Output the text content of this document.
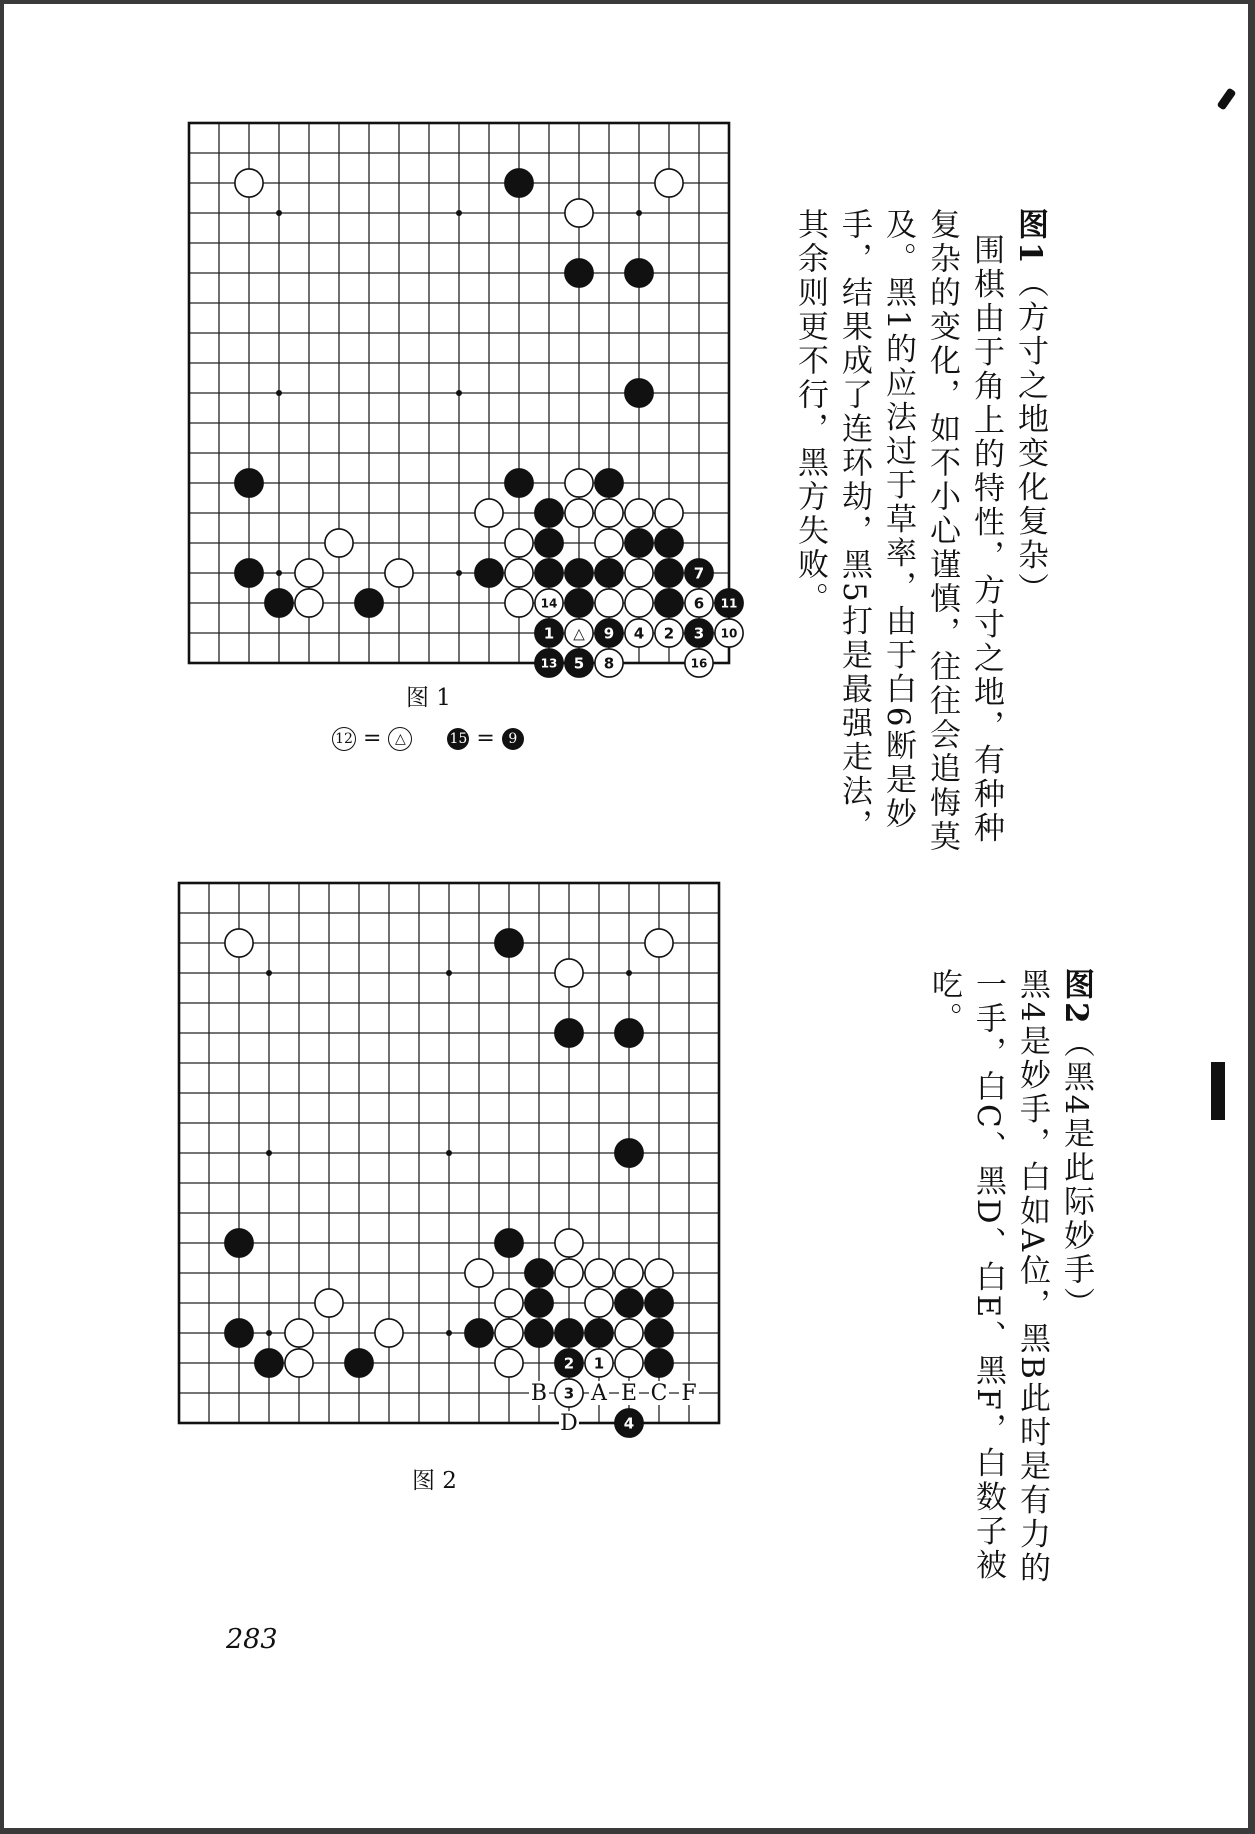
7
14	6 11
1 △ 9 4 2 3 10
13 5 8	16
图 1
12 = △	15 = 9
图1（方寸之地变化复杂）
围棋由于角上的特性，方寸之地，有种种复杂的变化，如不小心谨慎，往往会追悔莫及。黑1的应法过于草率，由于白6断是妙手，结果成了连环劫，黑5打是最强走法，其余则更不行，黑方失败。
2 1
3
4
B A E C F
D
图 2
图2（黑4是此际妙手）
黑4是妙手，白如A位，黑B此时是有力的一手，白C、黑D、白E、黑F，白数子被吃。
283
